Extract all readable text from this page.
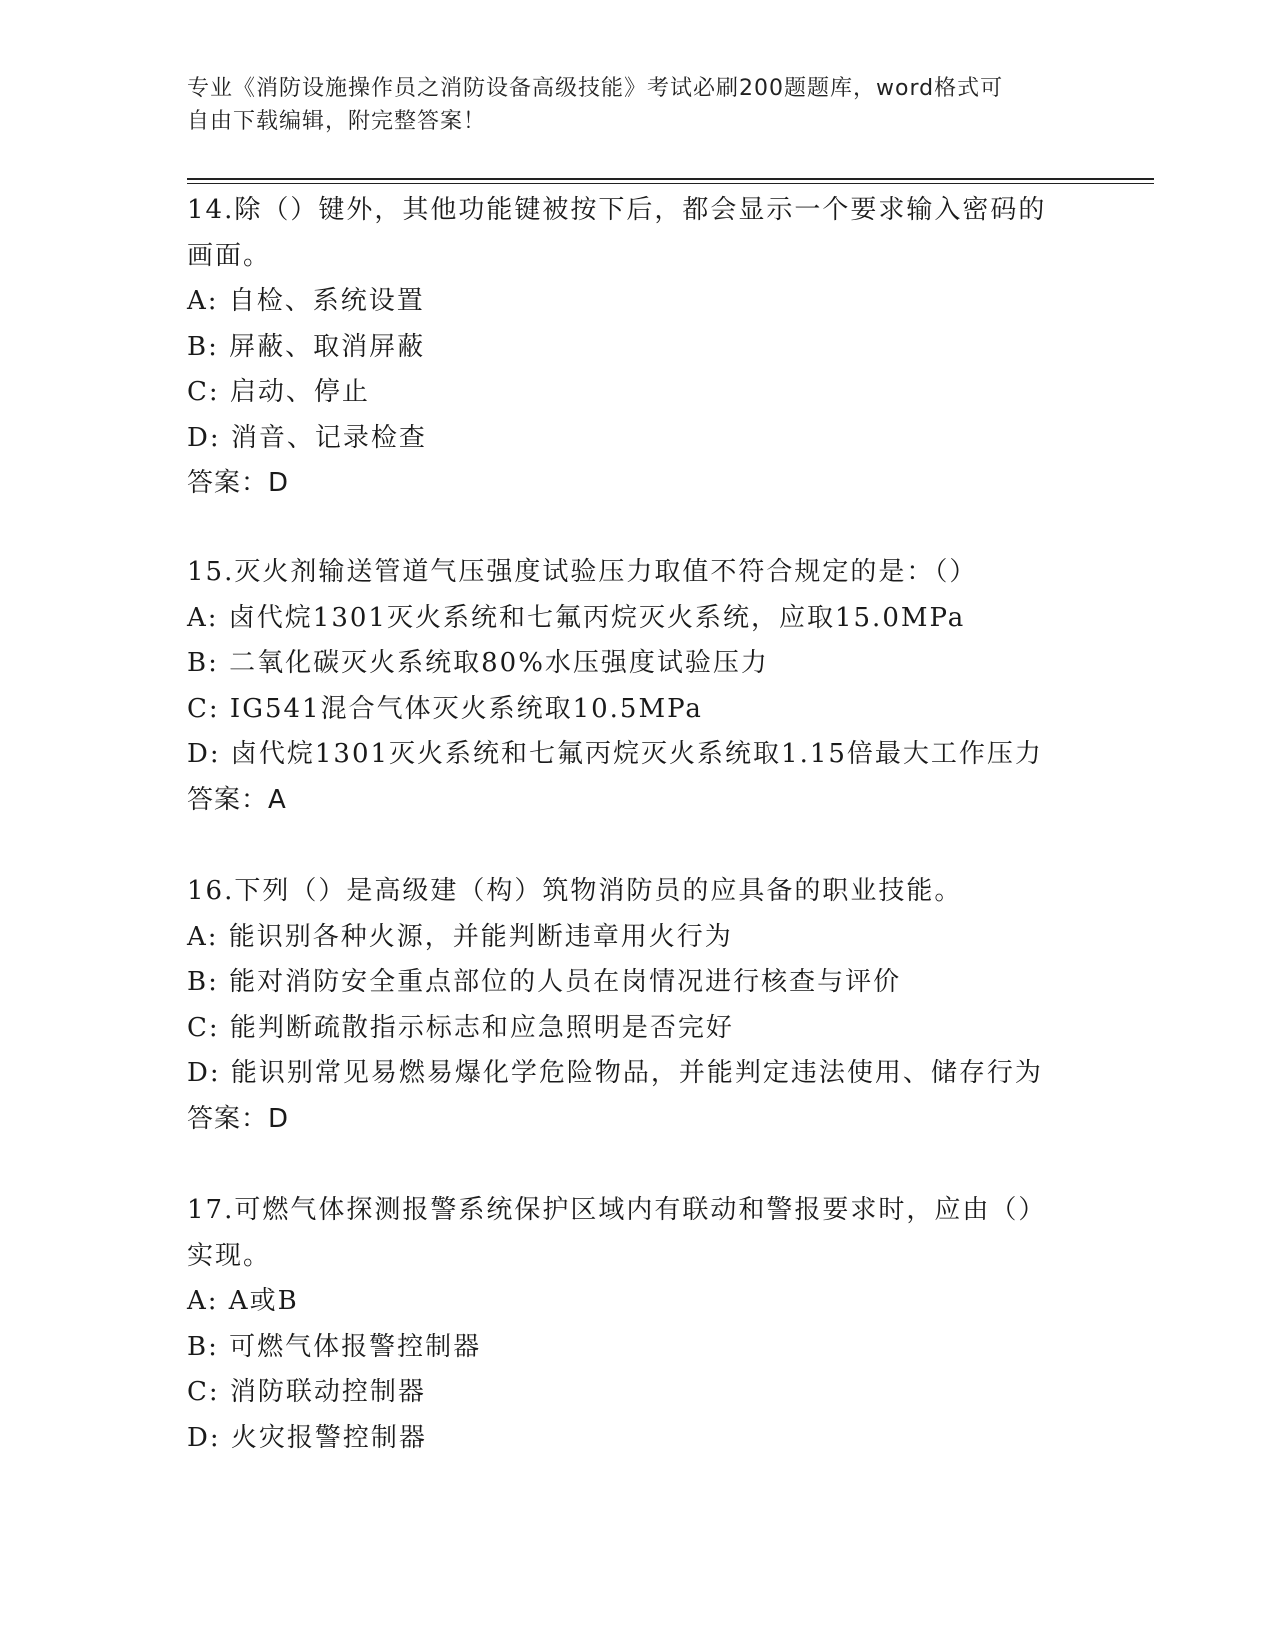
专业《消防设施操作员之消防设备高级技能》考试必刷200题题库，word格式可
自由下载编辑，附完整答案！
14.除（）键外，其他功能键被按下后，都会显示一个要求输入密码的
画面。
A: 自检、系统设置
B: 屏蔽、取消屏蔽
C: 启动、停止
D: 消音、记录检查
答案：D
15.灭火剂输送管道气压强度试验压力取值不符合规定的是：（）
A: 卤代烷1301灭火系统和七氟丙烷灭火系统，应取15.0MPa
B: 二氧化碳灭火系统取80%水压强度试验压力
C: IG541混合气体灭火系统取10.5MPa
D: 卤代烷1301灭火系统和七氟丙烷灭火系统取1.15倍最大工作压力
答案：A
16.下列（）是高级建（构）筑物消防员的应具备的职业技能。
A: 能识别各种火源，并能判断违章用火行为
B: 能对消防安全重点部位的人员在岗情况进行核查与评价
C: 能判断疏散指示标志和应急照明是否完好
D: 能识别常见易燃易爆化学危险物品，并能判定违法使用、储存行为
答案：D
17.可燃气体探测报警系统保护区域内有联动和警报要求时，应由（）
实现。
A: A或B
B: 可燃气体报警控制器
C: 消防联动控制器
D: 火灾报警控制器
